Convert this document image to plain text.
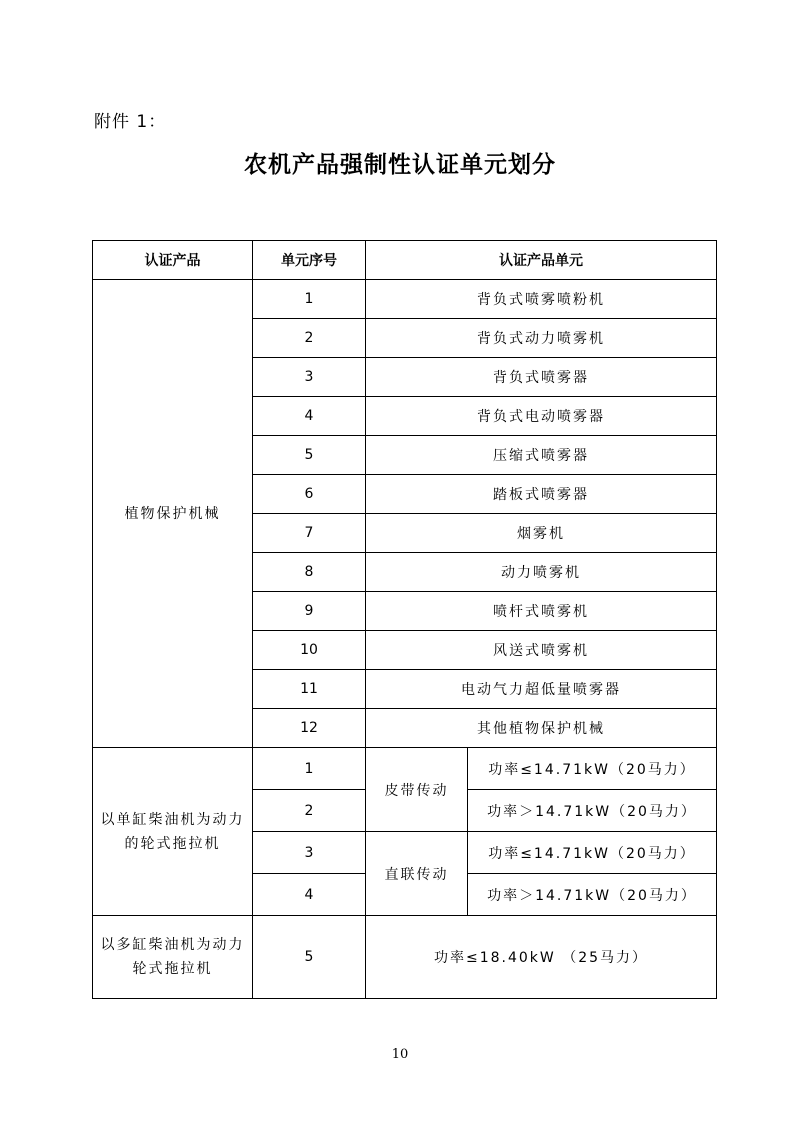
附件 1：
农机产品强制性认证单元划分
认证产品	单元序号	认证产品单元	
植物保护机械	1	背负式喷雾喷粉机	
	2	背负式动力喷雾机	
	3	背负式喷雾器	
	4	背负式电动喷雾器	
	5	压缩式喷雾器	
	6	踏板式喷雾器	
	7	烟雾机	
	8	动力喷雾机	
	9	喷杆式喷雾机	
	10	风送式喷雾机	
	11	电动气力超低量喷雾器	
	12	其他植物保护机械	
以单缸柴油机为动力
的轮式拖拉机	1	皮带传动	功率≤14.71kW（20马力）
	2		功率＞14.71kW（20马力）
	3	直联传动	功率≤14.71kW（20马力）
	4		功率＞14.71kW（20马力）
以多缸柴油机为动力
轮式拖拉机	5	功率≤18.40kW （25马力）	
10
